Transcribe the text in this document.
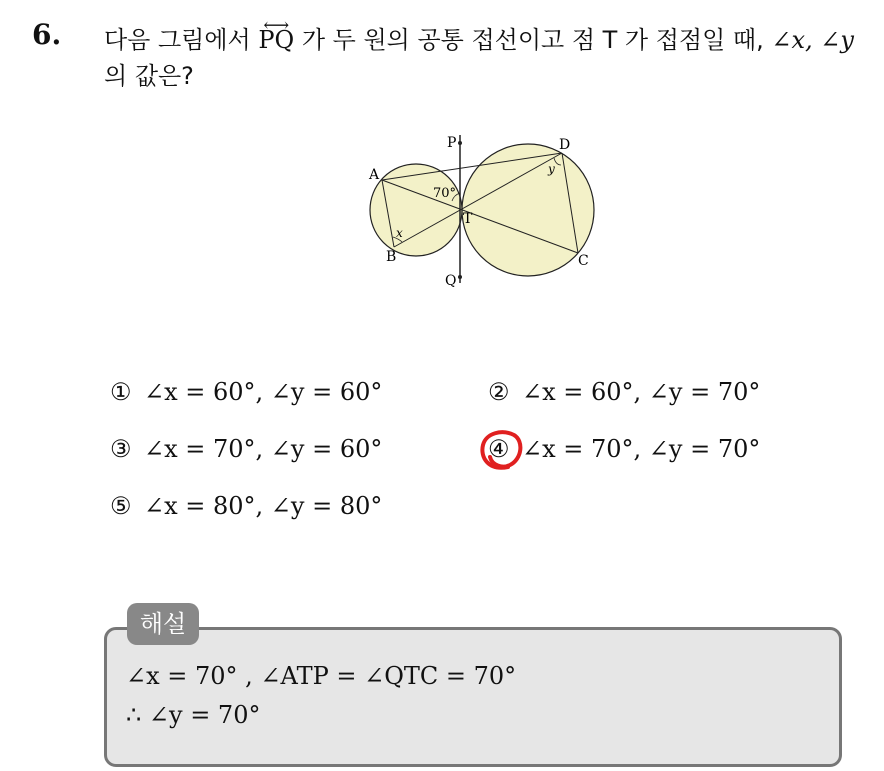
6. 다음 그림에서 ⟷ PQ 가 두 원의 공통 접선이고 점 T 가 접점일 때, ∠x, ∠y
의 값은?
P
Q
A
B	C
D
T
x
y
70°
① ∠x = 60°, ∠y = 60°	② ∠x = 60°, ∠y = 70°
③ ∠x = 70°, ∠y = 60°	④ ∠x = 70°, ∠y = 70°
⑤ ∠x = 80°, ∠y = 80°
해설
∠x = 70° , ∠ATP = ∠QTC = 70°
∴ ∠y = 70°
